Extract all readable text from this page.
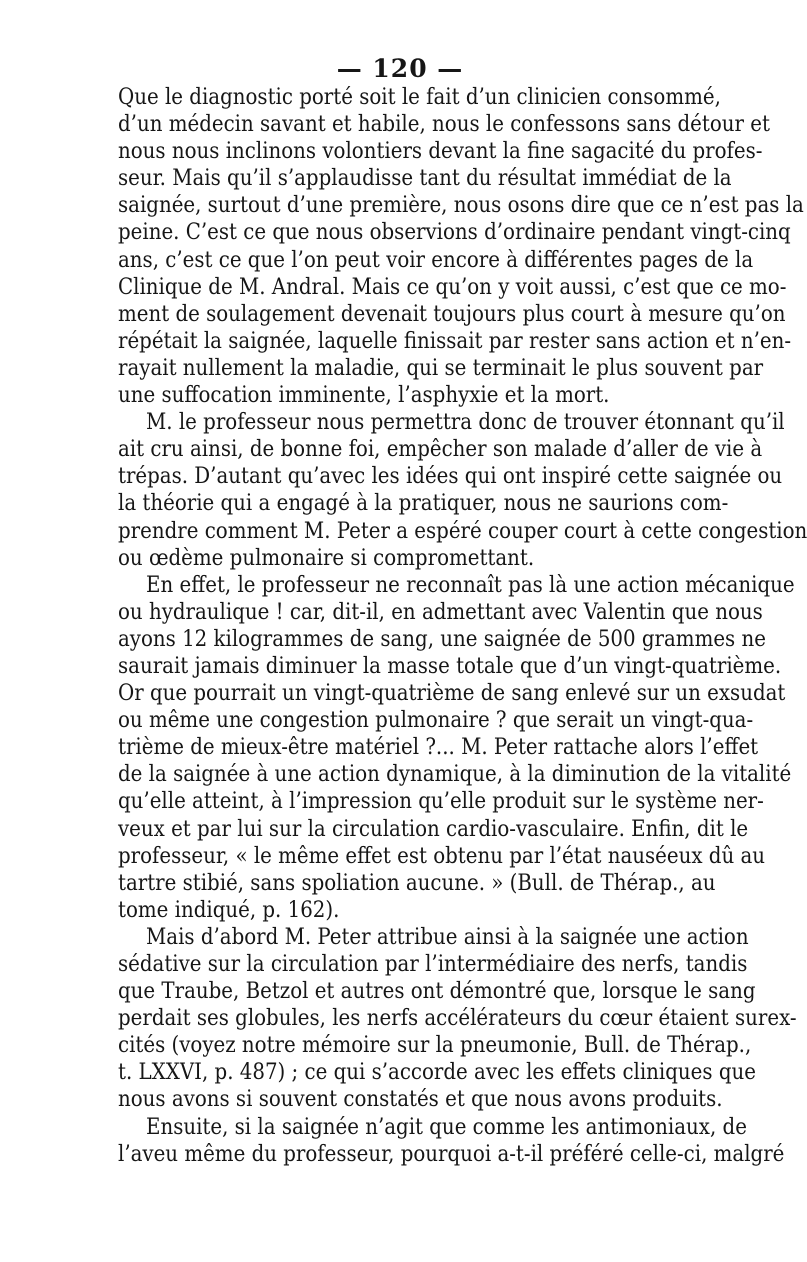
— 120 —
Que le diagnostic porté soit le fait d’un clinicien consommé,
d’un médecin savant et habile, nous le confessons sans détour et
nous nous inclinons volontiers devant la fine sagacité du profes-
seur. Mais qu’il s’applaudisse tant du résultat immédiat de la
saignée, surtout d’une première, nous osons dire que ce n’est pas la
peine. C’est ce que nous observions d’ordinaire pendant vingt-cinq
ans, c’est ce que l’on peut voir encore à différentes pages de la
Clinique de M. Andral. Mais ce qu’on y voit aussi, c’est que ce mo-
ment de soulagement devenait toujours plus court à mesure qu’on
répétait la saignée, laquelle finissait par rester sans action et n’en-
rayait nullement la maladie, qui se terminait le plus souvent par
une suffocation imminente, l’asphyxie et la mort.
M. le professeur nous permettra donc de trouver étonnant qu’il
ait cru ainsi, de bonne foi, empêcher son malade d’aller de vie à
trépas. D’autant qu’avec les idées qui ont inspiré cette saignée ou
la théorie qui a engagé à la pratiquer, nous ne saurions com-
prendre comment M. Peter a espéré couper court à cette congestion
ou œdème pulmonaire si compromettant.
En effet, le professeur ne reconnaît pas là une action mécanique
ou hydraulique ! car, dit-il, en admettant avec Valentin que nous
ayons 12 kilogrammes de sang, une saignée de 500 grammes ne
saurait jamais diminuer la masse totale que d’un vingt-quatrième.
Or que pourrait un vingt-quatrième de sang enlevé sur un exsudat
ou même une congestion pulmonaire ? que serait un vingt-qua-
trième de mieux-être matériel ?... M. Peter rattache alors l’effet
de la saignée à une action dynamique, à la diminution de la vitalité
qu’elle atteint, à l’impression qu’elle produit sur le système ner-
veux et par lui sur la circulation cardio-vasculaire. Enfin, dit le
professeur, « le même effet est obtenu par l’état nauséeux dû au
tartre stibié, sans spoliation aucune. » (Bull. de Thérap., au
tome indiqué, p. 162).
Mais d’abord M. Peter attribue ainsi à la saignée une action
sédative sur la circulation par l’intermédiaire des nerfs, tandis
que Traube, Betzol et autres ont démontré que, lorsque le sang
perdait ses globules, les nerfs accélérateurs du cœur étaient surex-
cités (voyez notre mémoire sur la pneumonie, Bull. de Thérap.,
t. LXXVI, p. 487) ; ce qui s’accorde avec les effets cliniques que
nous avons si souvent constatés et que nous avons produits.
Ensuite, si la saignée n’agit que comme les antimoniaux, de
l’aveu même du professeur, pourquoi a-t-il préféré celle-ci, malgré
